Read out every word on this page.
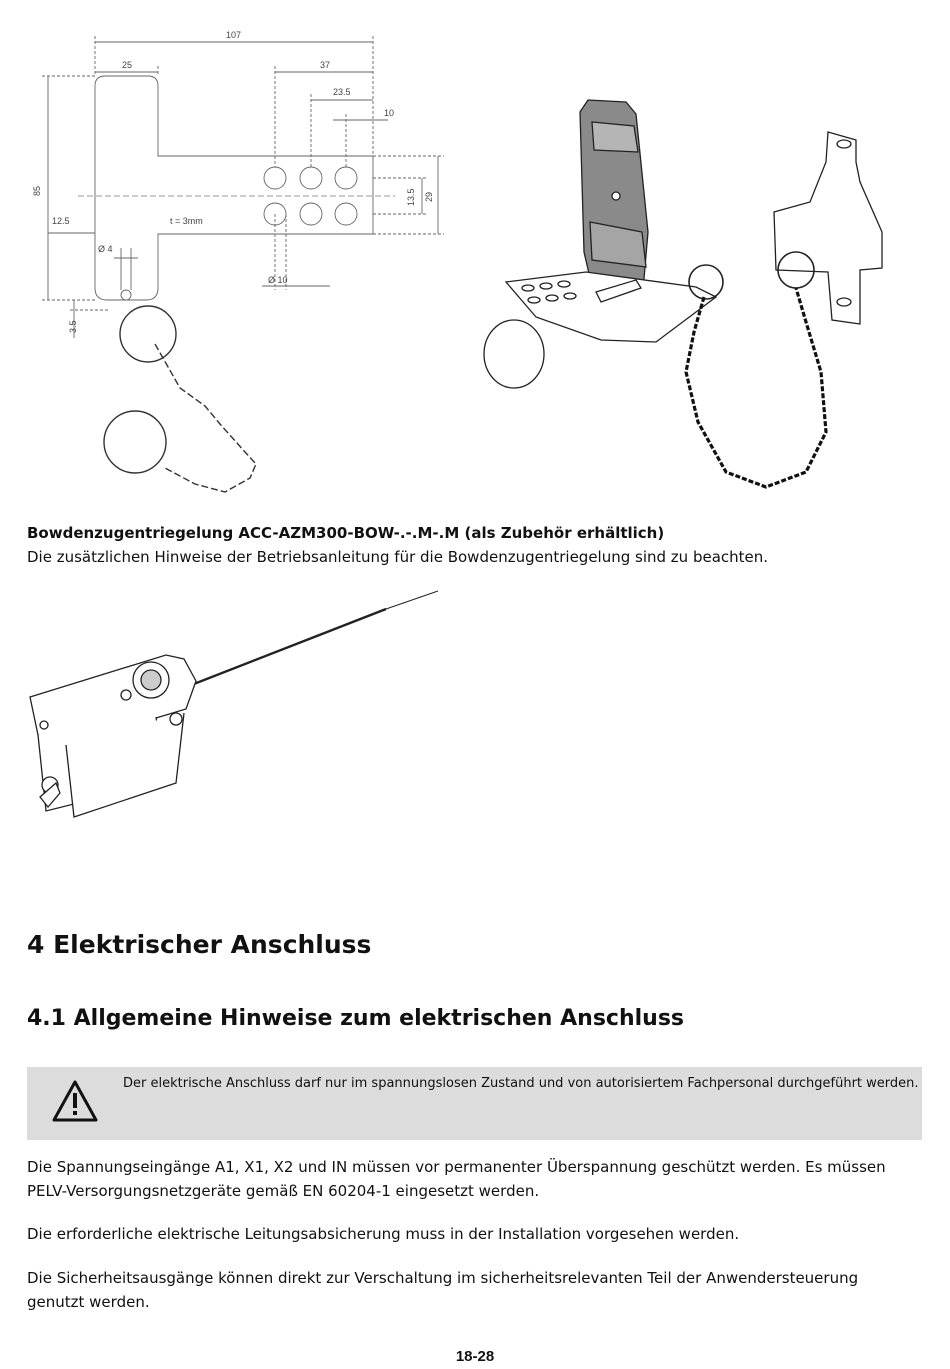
107
25	37
23.5
10
85
12.5
13.5 29
Ø 4
Ø 10
3.5
t = 3mm
Bowdenzugentriegelung ACC-AZM300-BOW-.-.M-.M (als Zubehör erhältlich)
Die zusätzlichen Hinweise der Betriebsanleitung für die Bowdenzugentriegelung sind zu beachten.
4 Elektrischer Anschluss
4.1 Allgemeine Hinweise zum elektrischen Anschluss
Der elektrische Anschluss darf nur im spannungslosen Zustand und von autorisiertem Fachpersonal durchgeführt werden.
Die Spannungseingänge A1, X1, X2 und IN müssen vor permanenter Überspannung geschützt werden. Es müssen PELV-Versorgungsnetzgeräte gemäß EN 60204-1 eingesetzt werden.
Die erforderliche elektrische Leitungsabsicherung muss in der Installation vorgesehen werden.
Die Sicherheitsausgänge können direkt zur Verschaltung im sicherheitsrelevanten Teil der Anwendersteuerung genutzt werden.
18-28
